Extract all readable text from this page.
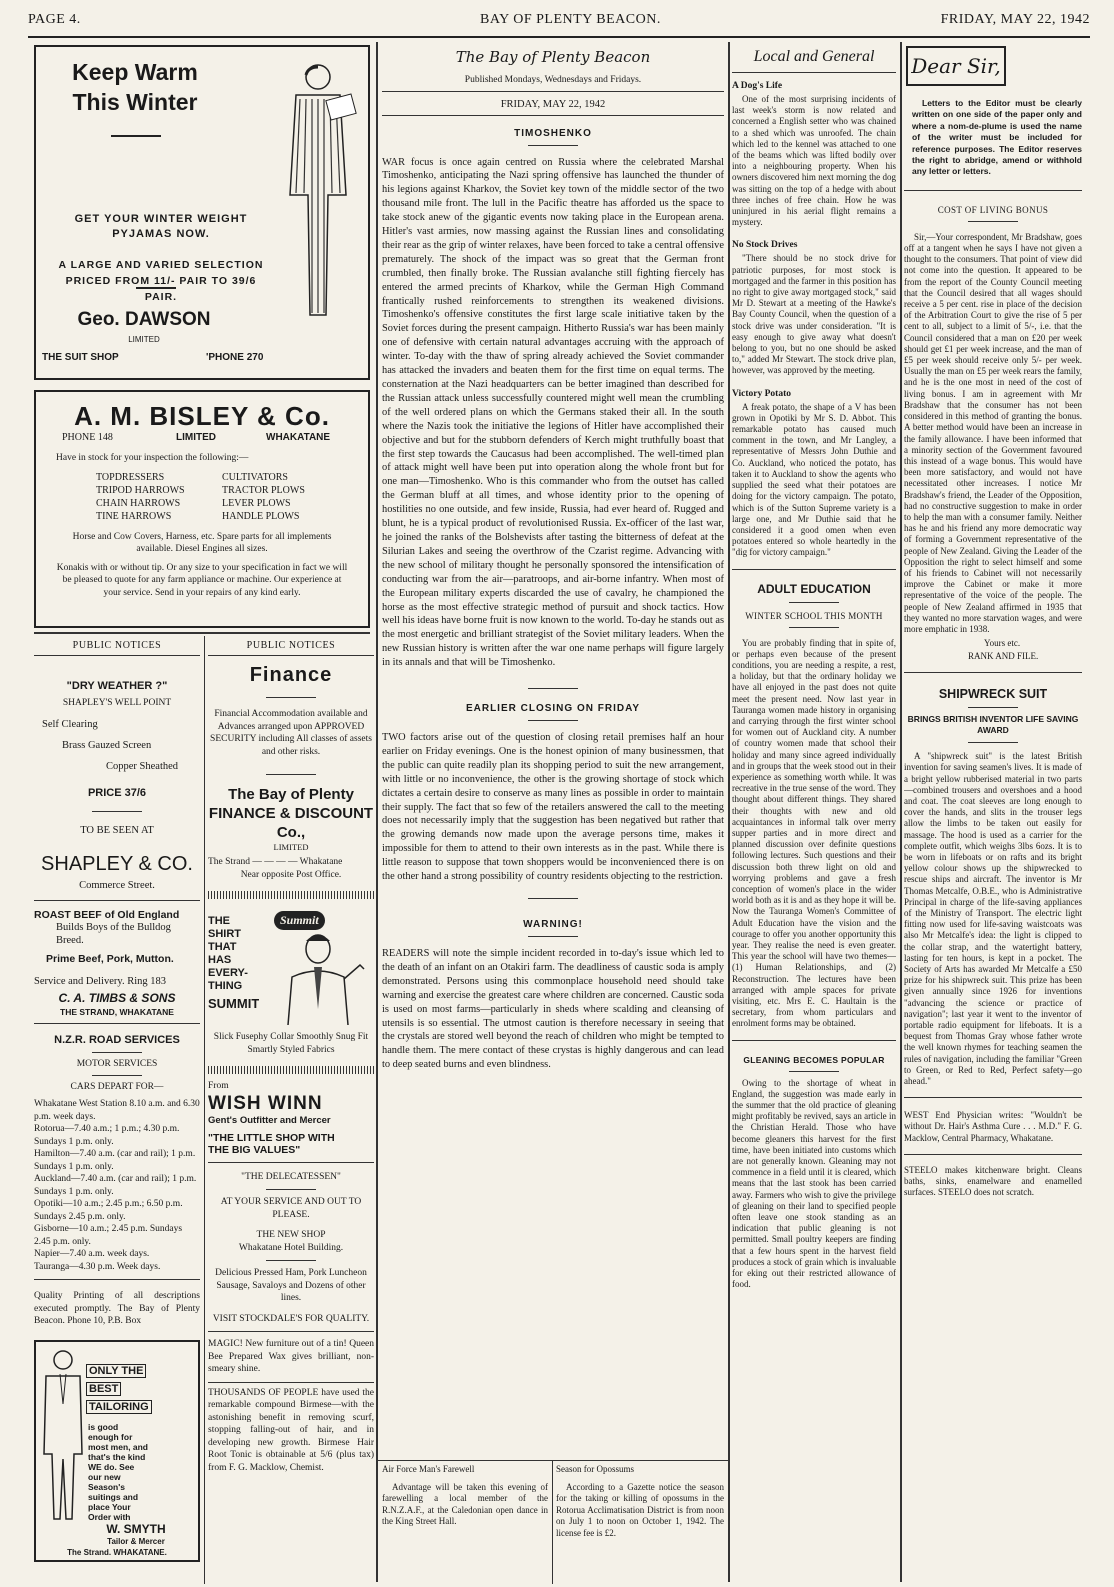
PAGE 4.	BAY OF PLENTY BEACON.	FRIDAY, MAY 22, 1942
Keep Warm This Winter
GET YOUR WINTER WEIGHT PYJAMAS NOW.
A LARGE AND VARIED SELECTION PRICED FROM 11/- PAIR TO 39/6 PAIR.
Geo. DAWSON
LIMITED
THE SUIT SHOP	'PHONE 270
A. M. BISLEY & Co.
PHONE 148	LIMITED	WHAKATANE
Have in stock for your inspection the following:—
TOPDRESSERS	CULTIVATORS
TRIPOD HARROWS	TRACTOR PLOWS
CHAIN HARROWS	LEVER PLOWS
TINE HARROWS	HANDLE PLOWS
Horse and Cow Covers, Harness, etc. Spare parts for all implements available. Diesel Engines all sizes.
Konakis with or without tip. Or any size to your specification in fact we will be pleased to quote for any farm appliance or machine. Our experience at your service. Send in your repairs of any kind early.
PUBLIC NOTICES
"DRY WEATHER ?"
SHAPLEY'S WELL POINT
Self Clearing
Brass Gauzed Screen
Copper Sheathed
PRICE 37/6
TO BE SEEN AT
SHAPLEY & CO.
Commerce Street.
ROAST BEEF of Old England
Builds Boys of the Bulldog Breed.
Prime Beef, Pork, Mutton.
Service and Delivery. Ring 183
C. A. TIMBS & SONS
THE STRAND, WHAKATANE
N.Z.R. ROAD SERVICES
MOTOR SERVICES
CARS DEPART FOR—
Whakatane West Station 8.10 a.m. and 6.30 p.m. week days.
Rotorua—7.40 a.m.; 1 p.m.; 4.30 p.m. Sundays 1 p.m. only.
Hamilton—7.40 a.m. (car and rail); 1 p.m. Sundays 1 p.m. only.
Auckland—7.40 a.m. (car and rail); 1 p.m. Sundays 1 p.m. only.
Opotiki—10 a.m.; 2.45 p.m.; 6.50 p.m. Sundays 2.45 p.m. only.
Gisborne—10 a.m.; 2.45 p.m. Sundays 2.45 p.m. only.
Napier—7.40 a.m. week days.
Tauranga—4.30 p.m. Week days.
Quality Printing of all descriptions executed promptly. The Bay of Plenty Beacon. Phone 10, P.B. Box
ONLY THE
BEST
TAILORING
is good enough for most men, and that's the kind WE do. See our new Season's suitings and place Your Order with
W. SMYTH
Tailor & Mercer
The Strand. WHAKATANE.
PUBLIC NOTICES
Finance
Financial Accommodation available and Advances arranged upon APPROVED SECURITY including All classes of assets and other risks.
The Bay of Plenty FINANCE & DISCOUNT Co.,
LIMITED
The Strand — — — — Whakatane
Near opposite Post Office.
THE
SHIRT
THAT
HAS
EVERY-
THING
SUMMIT
Summit
Slick Fusephy Collar Smoothly Snug Fit Smartly Styled Fabrics
From
WISH WINN
Gent's Outfitter and Mercer
"THE LITTLE SHOP WITH
THE BIG VALUES"
"THE DELECATESSEN"
AT YOUR SERVICE AND OUT TO PLEASE.
THE NEW SHOP
Whakatane Hotel Building.
Delicious Pressed Ham, Pork Luncheon Sausage, Savaloys and Dozens of other lines.
VISIT STOCKDALE'S FOR QUALITY.
MAGIC! New furniture out of a tin! Queen Bee Prepared Wax gives brilliant, non-smeary shine.
THOUSANDS OF PEOPLE have used the remarkable compound Birmese—with the astonishing benefit in removing scurf, stopping falling-out of hair, and in developing new growth. Birmese Hair Root Tonic is obtainable at 5/6 (plus tax) from F. G. Macklow, Chemist.
The Bay of Plenty Beacon
Published Mondays, Wednesdays and Fridays.
FRIDAY, MAY 22, 1942
TIMOSHENKO
WAR focus is once again centred on Russia where the celebrated Marshal Timoshenko, anticipating the Nazi spring offensive has launched the thunder of his legions against Kharkov, the Soviet key town of the middle sector of the two thousand mile front. The lull in the Pacific theatre has afforded us the space to take stock anew of the gigantic events now taking place in the European arena. Hitler's vast armies, now massing against the Russian lines and consolidating their rear as the grip of winter relaxes, have been forced to take a central offensive prematurely. The shock of the impact was so great that the German front crumbled, then finally broke. The Russian avalanche still fighting fiercely has entered the armed precints of Kharkov, while the German High Command frantically rushed reinforcements to strengthen its weakened divisions. Timoshenko's offensive constitutes the first large scale initiative taken by the Soviet forces during the present campaign. Hitherto Russia's war has been mainly one of defensive with certain natural advantages accruing with the approach of winter. To-day with the thaw of spring already achieved the Soviet commander has attacked the invaders and beaten them for the first time on equal terms. The consternation at the Nazi headquarters can be better imagined than described for the Russian attack unless successfully countered might well mean the crumbling of the well ordered plans on which the Germans staked their all. In the south where the Nazis took the initiative the legions of Hitler have accomplished their objective and but for the stubborn defenders of Kerch might truthfully boast that the first step towards the Caucasus had been accomplished. The well-timed plan of attack might well have been put into operation along the whole front but for one man—Timoshenko. Who is this commander who from the outset has called the German bluff at all times, and whose identity prior to the opening of hostilities no one outside, and few inside, Russia, had ever heard of. Rugged and blunt, he is a typical product of revolutionised Russia. Ex-officer of the last war, he joined the ranks of the Bolshevists after tasting the bitterness of defeat at the Silurian Lakes and seeing the overthrow of the Czarist regime. Advancing with the new school of military thought he personally sponsored the intensification of conducting war from the air—paratroops, and air-borne infantry. When most of the European military experts discarded the use of cavalry, he championed the horse as the most effective strategic method of pursuit and shock tactics. How well his ideas have borne fruit is now known to the world. To-day he stands out as the most energetic and brilliant strategist of the Soviet military leaders. When the new Russian history is written after the war one name perhaps will figure largely in its annals and that will be Timoshenko.
EARLIER CLOSING ON FRIDAY
TWO factors arise out of the question of closing retail premises half an hour earlier on Friday evenings. One is the honest opinion of many businessmen, that the public can quite readily plan its shopping period to suit the new arrangement, with little or no inconvenience, the other is the growing shortage of stock which dictates a certain desire to conserve as many lines as possible in order to maintain their supply. The fact that so few of the retailers answered the call to the meeting does not necessarily imply that the suggestion has been negatived but rather that the growing demands now made upon the average persons time, makes it impossible for them to attend to their own interests as in the past. While there is little reason to suppose that town shoppers would be inconvenienced there is on the other hand a strong possibility of country residents objecting to the restriction.
WARNING!
READERS will note the simple incident recorded in to-day's issue which led to the death of an infant on an Otakiri farm. The deadliness of caustic soda is amply demonstrated. Persons using this commonplace household need should take warning and exercise the greatest care where children are concerned. Caustic soda is used on most farms—particularly in sheds where scalding and cleansing of utensils is so essential. The utmost caution is therefore necessary in seeing that the crystals are stored well beyond the reach of children who might be tempted to handle them. The mere contact of these crystas is highly dangerous and can lead to deep seated burns and even blindness.
Air Force Man's Farewell
Advantage will be taken this evening of farewelling a local member of the R.N.Z.A.F., at the Caledonian open dance in the King Street Hall.
Season for Opossums
According to a Gazette notice the season for the taking or killing of opossums in the Rotorua Acclimatisation District is from noon on July 1 to noon on October 1, 1942. The license fee is £2.
Local and General
A Dog's Life
One of the most surprising incidents of last week's storm is now related and concerned a English setter who was chained to a shed which was unroofed. The chain which led to the kennel was attached to one of the beams which was lifted bodily over into a neighbouring property. When his owners discovered him next morning the dog was sitting on the top of a hedge with about three inches of free chain. How he was uninjured in his aerial flight remains a mystery.
No Stock Drives
"There should be no stock drive for patriotic purposes, for most stock is mortgaged and the farmer in this position has no right to give away mortgaged stock," said Mr D. Stewart at a meeting of the Hawke's Bay County Council, when the question of a stock drive was under consideration. "It is easy enough to give away what doesn't belong to you, but no one should be asked to," added Mr Stewart. The stock drive plan, however, was approved by the meeting.
Victory Potato
A freak potato, the shape of a V has been grown in Opotiki by Mr S. D. Abbot. This remarkable potato has caused much comment in the town, and Mr Langley, a representative of Messrs John Duthie and Co. Auckland, who noticed the potato, has taken it to Auckland to show the agents who supplied the seed what their potatoes are doing for the victory campaign. The potato, which is of the Sutton Supreme variety is a large one, and Mr Duthie said that he considered it a good omen when even potatoes entered so whole heartedly in the "dig for victory campaign."
ADULT EDUCATION
WINTER SCHOOL THIS MONTH
You are probably finding that in spite of, or perhaps even because of the present conditions, you are needing a respite, a rest, a holiday, but that the ordinary holiday we have all enjoyed in the past does not quite meet the present need. Now last year in Tauranga women made history in organising and carrying through the first winter school for women out of Auckland city. A number of country women made that school their holiday and many since agreed individually and in groups that the week stood out in their experience as something worth while. It was recreative in the true sense of the word. They thought about different things. They shared their thoughts with new and old acquaintances in informal talk over merry supper parties and in more direct and planned discussion over definite questions following lectures. Such questions and their discussion both threw light on old and worrying problems and gave a fresh conception of women's place in the wider world both as it is and as they hope it will be. Now the Tauranga Women's Committee of Adult Education have the vision and the courage to offer you another opportunity this year. They realise the need is even greater. This year the school will have two themes—(1) Human Relationships, and (2) Reconstruction. The lectures have been arranged with ample spaces for private visiting, etc. Mrs E. C. Haultain is the secretary, from whom particulars and enrolment forms may be obtained.
GLEANING BECOMES POPULAR
Owing to the shortage of wheat in England, the suggestion was made early in the summer that the old practice of gleaning might profitably be revived, says an article in the Christian Herald. Those who have become gleaners this harvest for the first time, have been initiated into customs which are not generally known. Gleaning may not commence in a field until it is cleared, which means that the last stook has been carried away. Farmers who wish to give the privilege of gleaning on their land to specified people often leave one stook standing as an indication that public gleaning is not permitted. Small poultry keepers are finding that a few hours spent in the harvest field produces a stock of grain which is invaluable for eking out their restricted allowance of food.
Dear Sir,
Letters to the Editor must be clearly written on one side of the paper only and where a nom-de-plume is used the name of the writer must be included for reference purposes. The Editor reserves the right to abridge, amend or withhold any letter or letters.
COST OF LIVING BONUS
Sir,—Your correspondent, Mr Bradshaw, goes off at a tangent when he says I have not given a thought to the consumers. That point of view did not come into the question. It appeared to be from the report of the County Council meeting that the Council desired that all wages should receive a 5 per cent. rise in place of the decision of the Arbitration Court to give the rise of 5 per cent to all, subject to a limit of 5/-, i.e. that the Council considered that a man on £20 per week should get £1 per week increase, and the man of £5 per week should receive only 5/- per week. Usually the man on £5 per week rears the family, and he is the one most in need of the cost of living bonus. I am in agreement with Mr Bradshaw that the consumer has not been considered in this method of granting the bonus. A better method would have been an increase in the family allowance. I have been informed that a minority section of the Government favoured this instead of a wage bonus. This would have been more satisfactory, and would not have necessitated other increases. I notice Mr Bradshaw's friend, the Leader of the Opposition, had no constructive suggestion to make in order to help the man with a consumer family. Neither has he and his friend any more democratic way of forming a Government representative of the people of New Zealand. Giving the Leader of the Opposition the right to select himself and some of his friends to Cabinet will not necessarily improve the Cabinet or make it more representative of the voice of the people. The people of New Zealand affirmed in 1935 that they wanted no more starvation wages, and were more emphatic in 1938.
Yours etc.
RANK AND FILE.
SHIPWRECK SUIT
BRINGS BRITISH INVENTOR LIFE SAVING AWARD
A "shipwreck suit" is the latest British invention for saving seamen's lives. It is made of a bright yellow rubberised material in two parts—combined trousers and overshoes and a hood and coat. The coat sleeves are long enough to cover the hands, and slits in the trouser legs allow the limbs to be taken out easily for massage. The hood is used as a carrier for the complete outfit, which weighs 3lbs 6ozs. It is to be worn in lifeboats or on rafts and its bright yellow colour shows up the shipwrecked to rescue ships and aircraft. The inventor is Mr Thomas Metcalfe, O.B.E., who is Administrative Principal in charge of the life-saving appliances of the Ministry of Transport. The electric light fitting now used for life-saving waistcoats was also Mr Metcalfe's idea: the light is clipped to the collar strap, and the watertight battery, lasting for ten hours, is kept in a pocket. The Society of Arts has awarded Mr Metcalfe a £50 prize for his shipwreck suit. This prize has been given annually since 1926 for inventions "advancing the science or practice of navigation"; last year it went to the inventor of portable radio equipment for lifeboats. It is a bequest from Thomas Gray whose father wrote the well known rhymes for teaching seamen the rules of navigation, including the familiar "Green to Green, or Red to Red, Perfect safety—go ahead."
WEST End Physician writes: "Wouldn't be without Dr. Hair's Asthma Cure . . . M.D." F. G. Macklow, Central Pharmacy, Whakatane.
STEELO makes kitchenware bright. Cleans baths, sinks, enamelware and enamelled surfaces. STEELO does not scratch.
